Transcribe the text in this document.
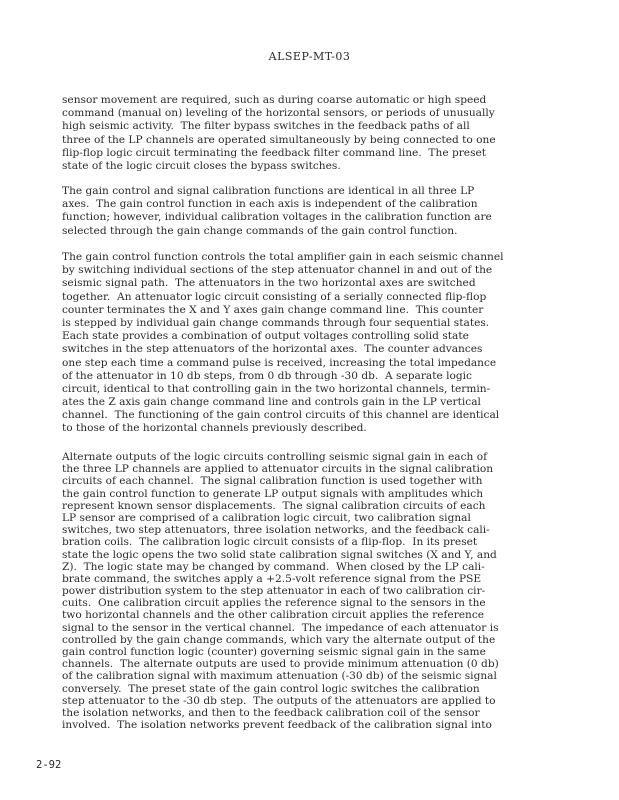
ALSEP-MT-03
sensor movement are required, such as during coarse automatic or high speed
command (manual on) leveling of the horizontal sensors, or periods of unusually
high seismic activity.  The filter bypass switches in the feedback paths of all
three of the LP channels are operated simultaneously by being connected to one
flip-flop logic circuit terminating the feedback filter command line.  The preset
state of the logic circuit closes the bypass switches.
The gain control and signal calibration functions are identical in all three LP
axes.  The gain control function in each axis is independent of the calibration
function; however, individual calibration voltages in the calibration function are
selected through the gain change commands of the gain control function.
The gain control function controls the total amplifier gain in each seismic channel
by switching individual sections of the step attenuator channel in and out of the
seismic signal path.  The attenuators in the two horizontal axes are switched
together.  An attenuator logic circuit consisting of a serially connected flip-flop
counter terminates the X and Y axes gain change command line.  This counter
is stepped by individual gain change commands through four sequential states.
Each state provides a combination of output voltages controlling solid state
switches in the step attenuators of the horizontal axes.  The counter advances
one step each time a command pulse is received, increasing the total impedance
of the attenuator in 10 db steps, from 0 db through -30 db.  A separate logic
circuit, identical to that controlling gain in the two horizontal channels, termin-
ates the Z axis gain change command line and controls gain in the LP vertical
channel.  The functioning of the gain control circuits of this channel are identical
to those of the horizontal channels previously described.
Alternate outputs of the logic circuits controlling seismic signal gain in each of
the three LP channels are applied to attenuator circuits in the signal calibration
circuits of each channel.  The signal calibration function is used together with
the gain control function to generate LP output signals with amplitudes which
represent known sensor displacements.  The signal calibration circuits of each
LP sensor are comprised of a calibration logic circuit, two calibration signal
switches, two step attenuators, three isolation networks, and the feedback cali-
bration coils.  The calibration logic circuit consists of a flip-flop.  In its preset
state the logic opens the two solid state calibration signal switches (X and Y, and
Z).  The logic state may be changed by command.  When closed by the LP cali-
brate command, the switches apply a +2.5-volt reference signal from the PSE
power distribution system to the step attenuator in each of two calibration cir-
cuits.  One calibration circuit applies the reference signal to the sensors in the
two horizontal channels and the other calibration circuit applies the reference
signal to the sensor in the vertical channel.  The impedance of each attenuator is
controlled by the gain change commands, which vary the alternate output of the
gain control function logic (counter) governing seismic signal gain in the same
channels.  The alternate outputs are used to provide minimum attenuation (0 db)
of the calibration signal with maximum attenuation (-30 db) of the seismic signal
conversely.  The preset state of the gain control logic switches the calibration
step attenuator to the -30 db step.  The outputs of the attenuators are applied to
the isolation networks, and then to the feedback calibration coil of the sensor
involved.  The isolation networks prevent feedback of the calibration signal into
2-92
